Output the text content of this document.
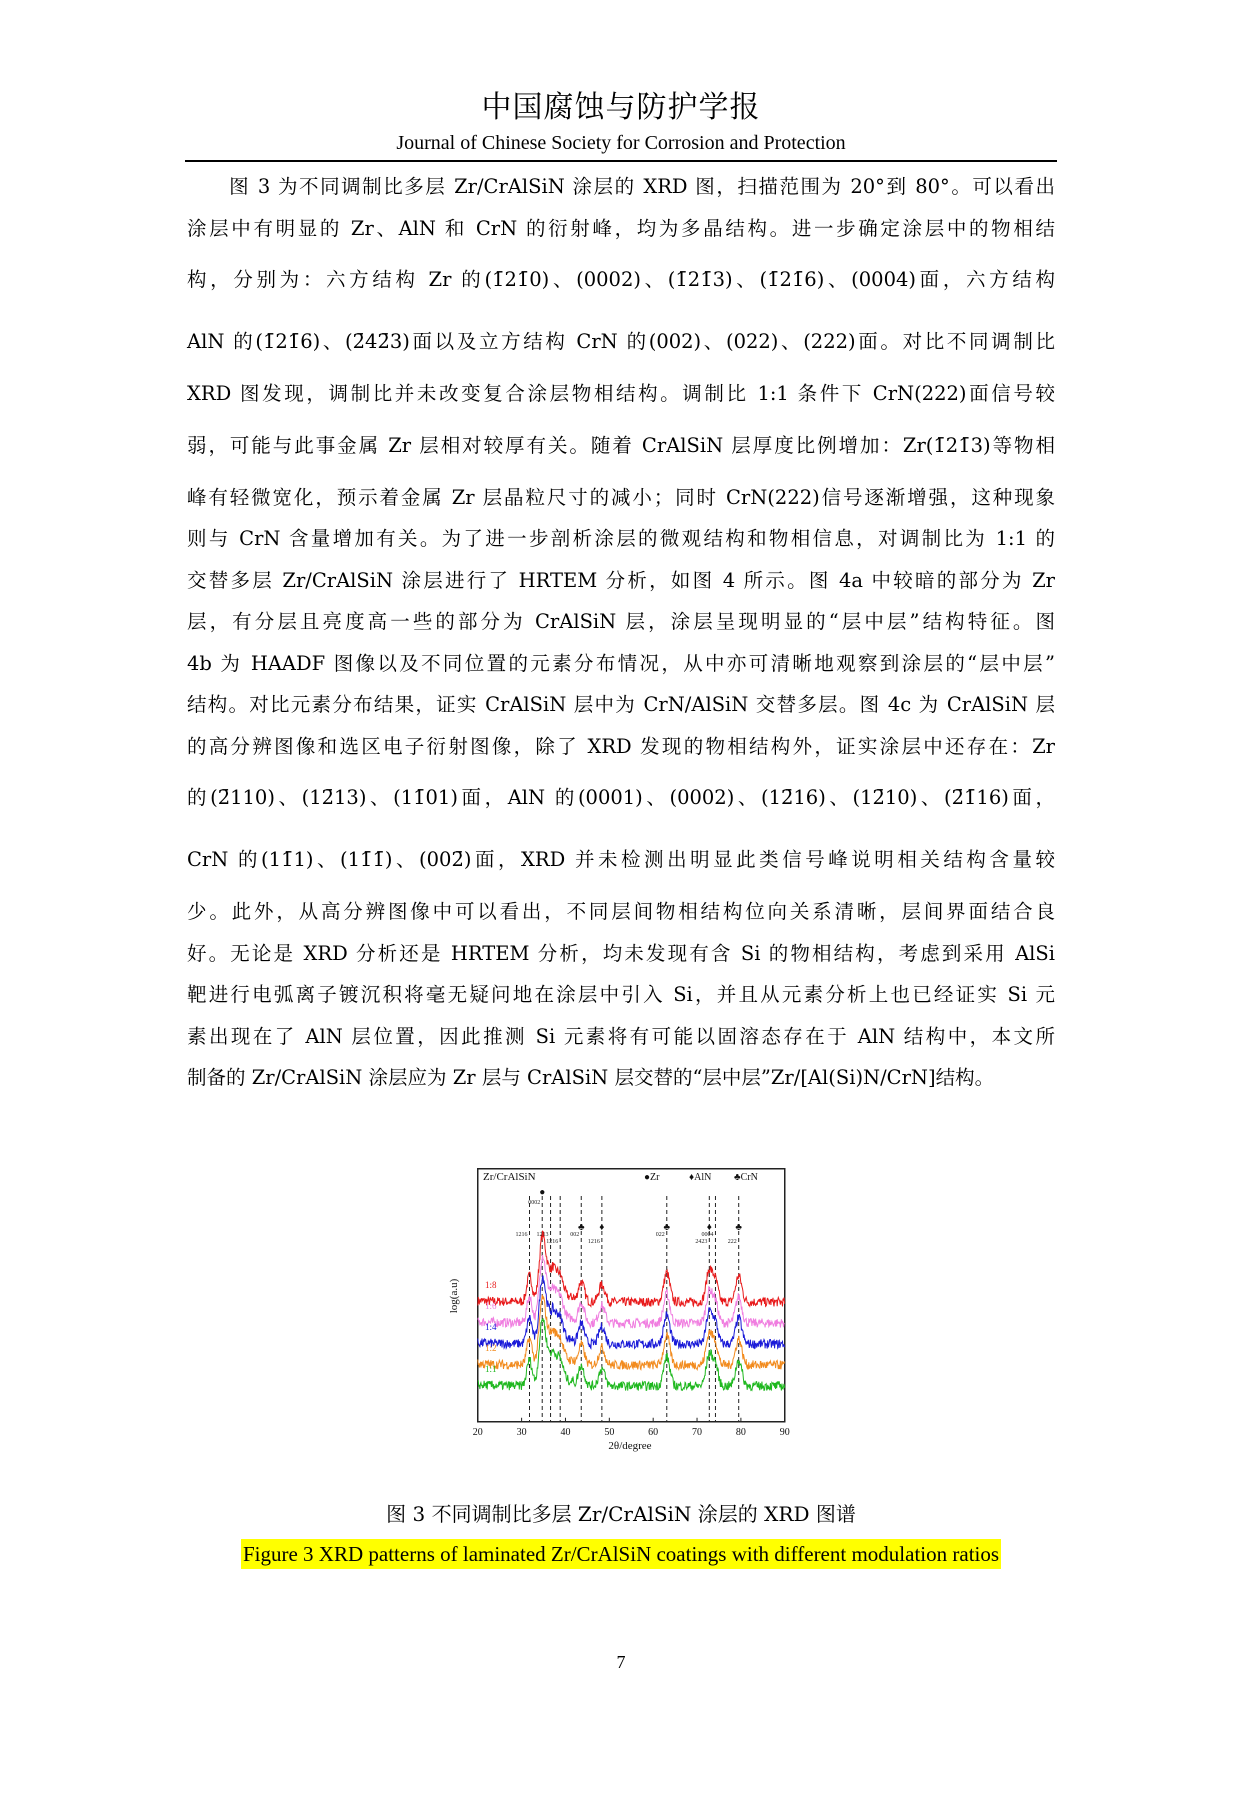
中国腐蚀与防护学报
Journal of Chinese Society for Corrosion and Protection
　　图 3 为不同调制比多层 Zr/CrAlSiN 涂层的 XRD 图，扫描范围为 20°到 80°。可以看出
涂层中有明显的 Zr、AlN 和 CrN 的衍射峰，均为多晶结构。进一步确定涂层中的物相结
构，分别为：六方结构 Zr 的(1̄21̄0)、(0002)、(1̄21̄3)、(1̄21̄6)、(0004)面，六方结构
AlN 的(1̄21̄6)、(2̄42̄3)面以及立方结构 CrN 的(002)、(022)、(222)面。对比不同调制比
XRD 图发现，调制比并未改变复合涂层物相结构。调制比 1:1 条件下 CrN(222)面信号较
弱，可能与此事金属 Zr 层相对较厚有关。随着 CrAlSiN 层厚度比例增加：Zr(1̄21̄3)等物相
峰有轻微宽化，预示着金属 Zr 层晶粒尺寸的减小；同时 CrN(222)信号逐渐增强，这种现象
则与 CrN 含量增加有关。为了进一步剖析涂层的微观结构和物相信息，对调制比为 1:1 的
交替多层 Zr/CrAlSiN 涂层进行了 HRTEM 分析，如图 4 所示。图 4a 中较暗的部分为 Zr
层，有分层且亮度高一些的部分为 CrAlSiN 层，涂层呈现明显的“层中层”结构特征。图
4b 为 HAADF 图像以及不同位置的元素分布情况，从中亦可清晰地观察到涂层的“层中层”
结构。对比元素分布结果，证实 CrAlSiN 层中为 CrN/AlSiN 交替多层。图 4c 为 CrAlSiN 层
的高分辨图像和选区电子衍射图像，除了 XRD 发现的物相结构外，证实涂层中还存在：Zr
的(2̄110)、(12̄13)、(11̄01)面，AlN 的(0001)、(0002)、(12̄16)、(12̄10)、(2̄1̄16)面，
CrN 的(11̄1)、(11̄1̄)、(002̄)面，XRD 并未检测出明显此类信号峰说明相关结构含量较
少。此外，从高分辨图像中可以看出，不同层间物相结构位向关系清晰，层间界面结合良
好。无论是 XRD 分析还是 HRTEM 分析，均未发现有含 Si 的物相结构，考虑到采用 AlSi
靶进行电弧离子镀沉积将毫无疑问地在涂层中引入 Si，并且从元素分析上也已经证实 Si 元
素出现在了 AlN 层位置，因此推测 Si 元素将有可能以固溶态存在于 AlN 结构中，本文所
制备的 Zr/CrAlSiN 涂层应为 Zr 层与 CrAlSiN 层交替的“层中层”Zr/[Al(Si)N/CrN]结构。
Zr/CrAlSiN
log(a.u)
●Zr	♦AlN ♣CrN
1:8
1:6
1:4
1:2
1:1
1216
0002
1213
1216
002
1216
022
2423
0004
222
●
♣ ♦	♣	♦ ♣
20	30	40	50	60	70	80	90
2θ/degree
图 3 不同调制比多层 Zr/CrAlSiN 涂层的 XRD 图谱
Figure 3 XRD patterns of laminated Zr/CrAlSiN coatings with different modulation ratios
7
